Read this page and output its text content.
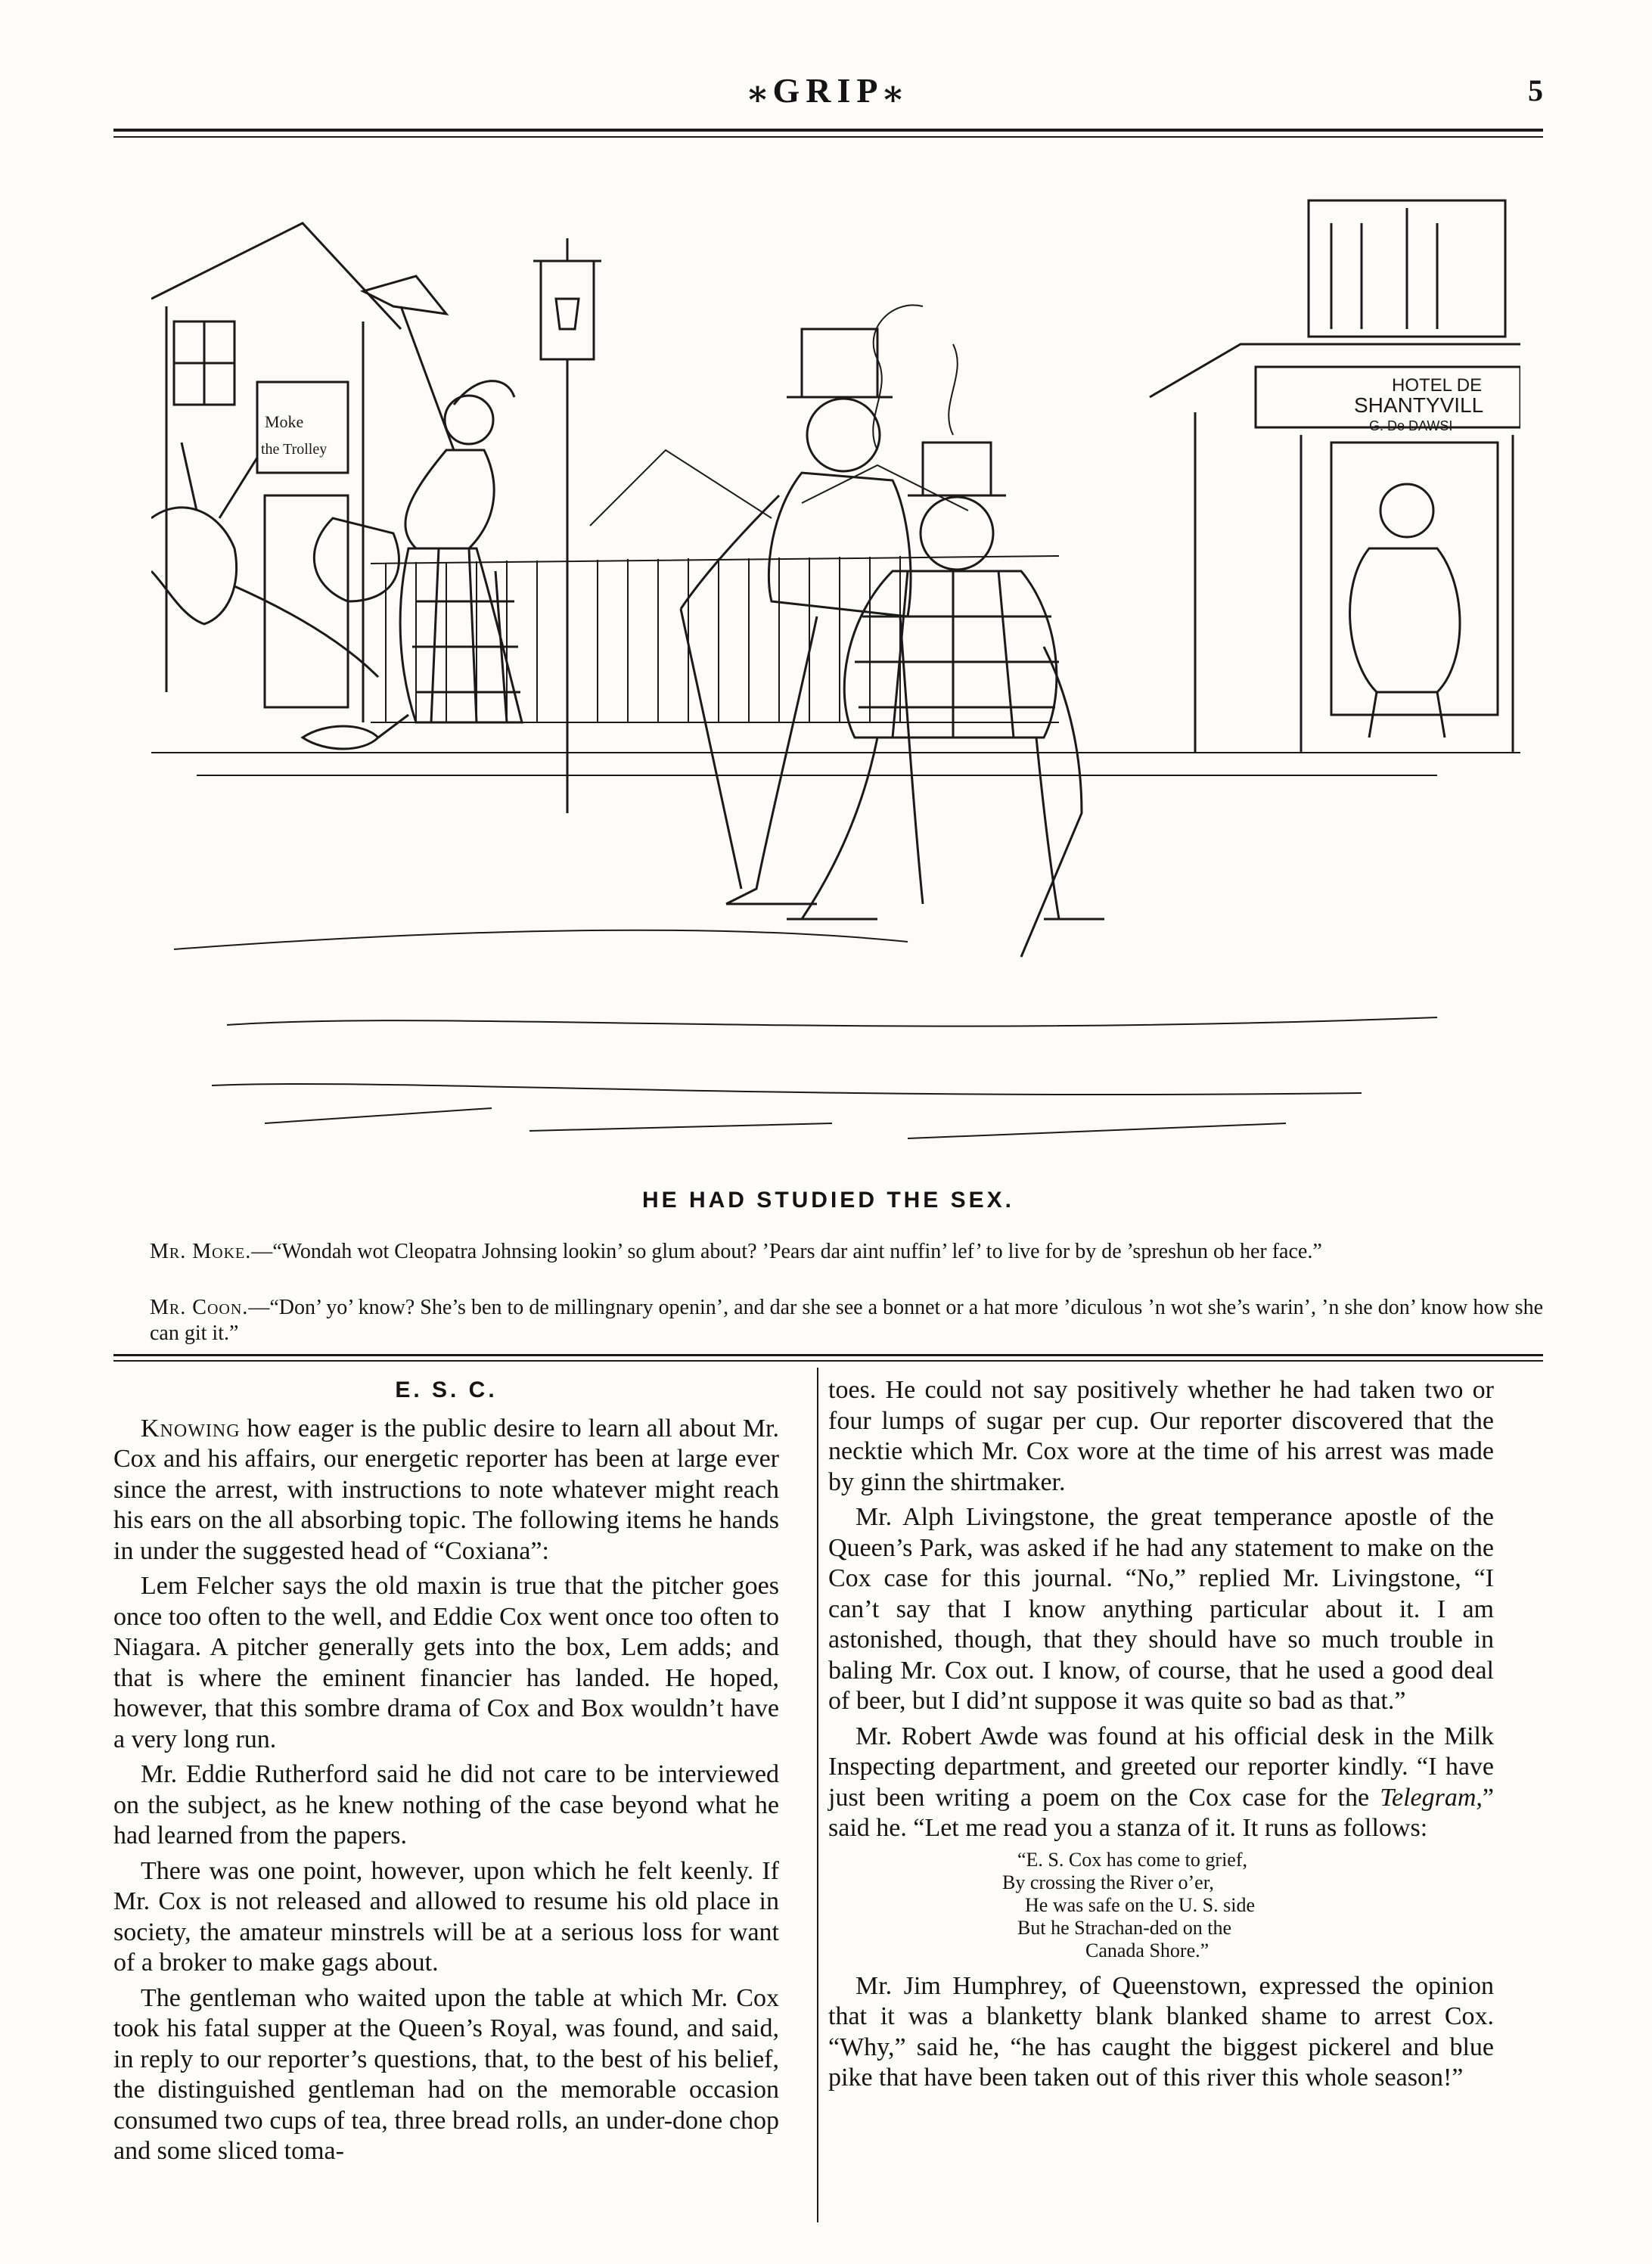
⁎GRIP⁎	5
Moke
the Trolley
HOTEL DE
SHANTYVILL
G. De DAWSI
HE HAD STUDIED THE SEX.
Mr. Moke.—“Wondah wot Cleopatra Johnsing lookin’ so glum about? ’Pears dar aint nuffin’ lef’ to live for by de ’spreshun ob her face.”
Mr. Coon.—“Don’ yo’ know? She’s ben to de millingnary openin’, and dar she see a bonnet or a hat more ’diculous ’n wot she’s warin’, ’n she don’ know how she can git it.”
E. S. C.

Knowing how eager is the public desire to learn all about Mr. Cox and his affairs, our energetic reporter has been at large ever since the arrest, with instructions to note whatever might reach his ears on the all absorbing topic. The following items he hands in under the suggested head of “Coxiana”:

Lem Felcher says the old maxin is true that the pitcher goes once too often to the well, and Eddie Cox went once too often to Niagara. A pitcher generally gets into the box, Lem adds; and that is where the eminent financier has landed. He hoped, however, that this sombre drama of Cox and Box wouldn’t have a very long run.

Mr. Eddie Rutherford said he did not care to be interviewed on the subject, as he knew nothing of the case beyond what he had learned from the papers.

There was one point, however, upon which he felt keenly. If Mr. Cox is not released and allowed to resume his old place in society, the amateur minstrels will be at a serious loss for want of a broker to make gags about.

The gentleman who waited upon the table at which Mr. Cox took his fatal supper at the Queen’s Royal, was found, and said, in reply to our reporter’s questions, that, to the best of his belief, the distinguished gentleman had on the memorable occasion consumed two cups of tea, three bread rolls, an under-done chop and some sliced toma-

toes. He could not say positively whether he had taken two or four lumps of sugar per cup. Our reporter discovered that the necktie which Mr. Cox wore at the time of his arrest was made by ginn the shirtmaker.

Mr. Alph Livingstone, the great temperance apostle of the Queen’s Park, was asked if he had any statement to make on the Cox case for this journal. “No,” replied Mr. Livingstone, “I can’t say that I know anything particular about it. I am astonished, though, that they should have so much trouble in baling Mr. Cox out. I know, of course, that he used a good deal of beer, but I did’nt suppose it was quite so bad as that.”

Mr. Robert Awde was found at his official desk in the Milk Inspecting department, and greeted our reporter kindly. “I have just been writing a poem on the Cox case for the Telegram,” said he. “Let me read you a stanza of it. It runs as follows:

“E. S. Cox has come to grief,
By crossing the River o’er,
He was safe on the U. S. side
But he Strachan-ded on the
Canada Shore.”

Mr. Jim Humphrey, of Queenstown, expressed the opinion that it was a blanketty blank blanked shame to arrest Cox. “Why,” said he, “he has caught the biggest pickerel and blue pike that have been taken out of this river this whole season!”
